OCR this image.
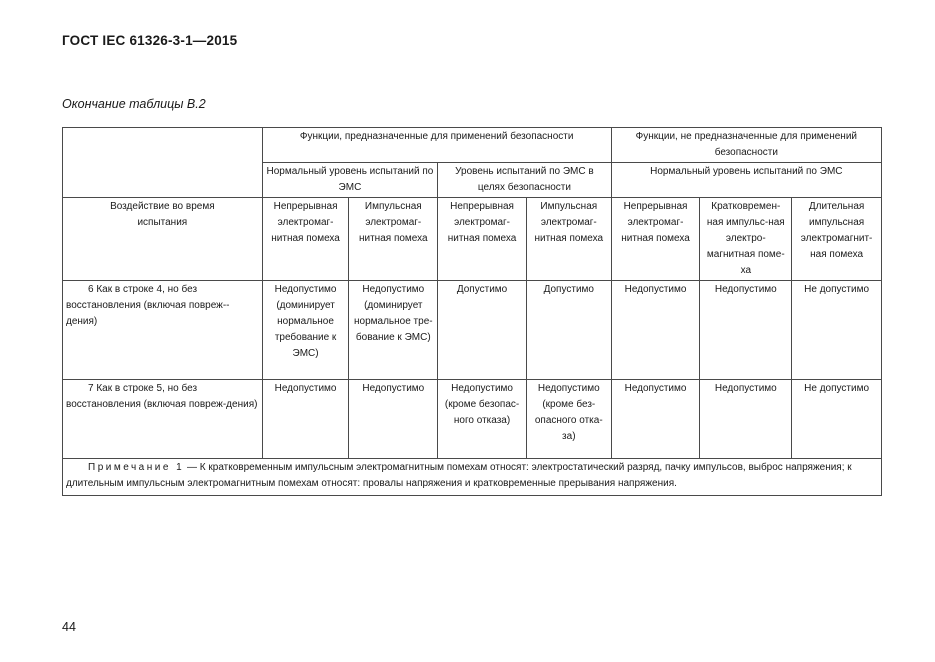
ГОСТ IEC 61326-3-1—2015
Окончание таблицы В.2
	Функции, предназначенные для применений безопасности				Функции, не предназначенные для применений безопасности		
	Нормальный уровень испытаний по ЭМС		Уровень испытаний по ЭМС в целях безопасности		Нормальный уровень испытаний по ЭМС		
Воздействие во время испытания	Непрерывная электромаг-нитная помеха	Импульсная электромаг-нитная помеха	Непрерывная электромаг-нитная помеха	Импульсная электромаг-нитная помеха	Непрерывная электромаг-нитная помеха	Кратковремен-ная импульс-ная электро-магнитная поме-ха	Длительная импульсная электромагнит-ная помеха
6 Как в строке 4, но без восстановления (включая повреж--дения)	Недопустимо (доминирует нормальное требование к ЭМС)	Недопустимо (доминирует нормальное тре-бование к ЭМС)	Допустимо	Допустимо	Недопустимо	Недопустимо	Не допустимо
7 Как в строке 5, но без восстановления (включая повреж-дения)	Недопустимо	Недопустимо	Недопустимо (кроме безопас-ного отказа)	Недопустимо (кроме без-опасного отка-за)	Недопустимо	Недопустимо	Не допустимо
Примечание 1 — К кратковременным импульсным электромагнитным помехам относят: электростатический разряд, пачку импульсов, выброс напряжения; к длительным импульсным электромагнитным помехам относят: провалы напряжения и кратковременные прерывания напряжения.							
44
